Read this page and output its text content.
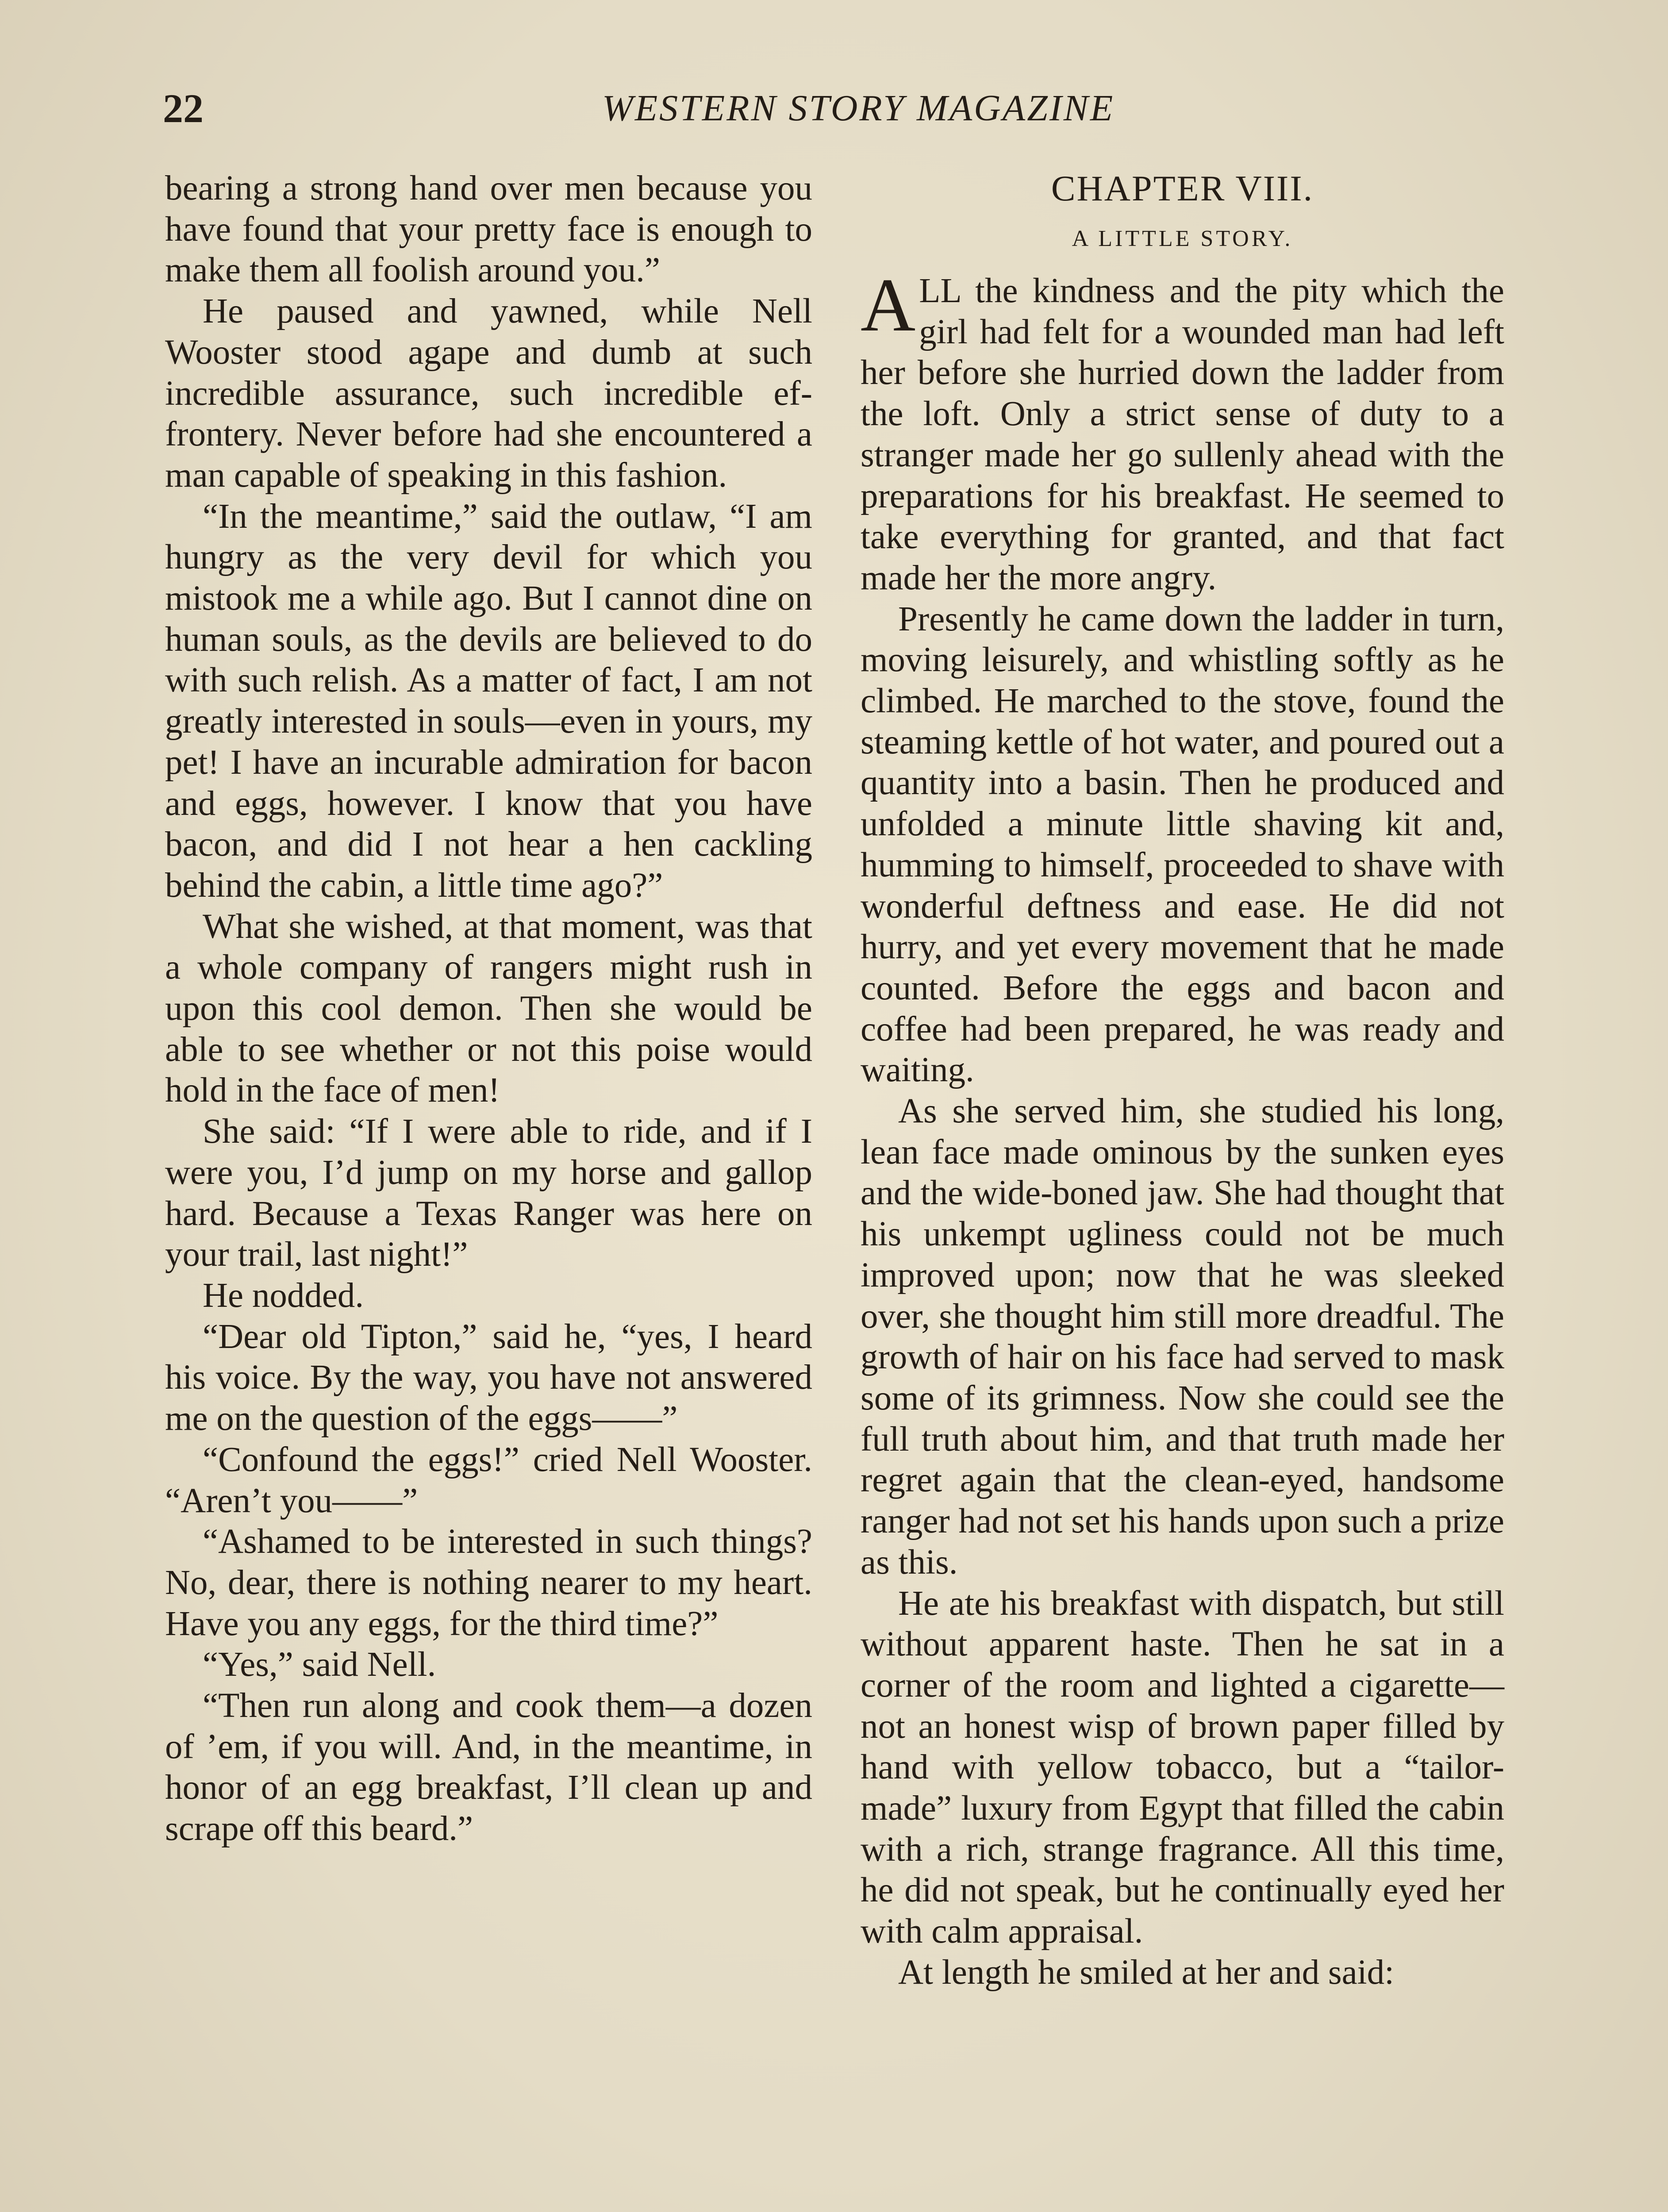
22	WESTERN STORY MAGAZINE

bearing a strong hand over men because you have found that your pretty face is enough to make them all foolish around you.”

He paused and yawned, while Nell Wooster stood agape and dumb at such incredible assurance, such incredible effrontery. Never before had she encountered a man capable of speaking in this fashion.

“In the meantime,” said the outlaw, “I am hungry as the very devil for which you mistook me a while ago. But I cannot dine on human souls, as the devils are believed to do with such relish. As a matter of fact, I am not greatly interested in souls—even in yours, my pet! I have an incurable admiration for bacon and eggs, however. I know that you have bacon, and did I not hear a hen cackling behind the cabin, a little time ago?”

What she wished, at that moment, was that a whole company of rangers might rush in upon this cool demon. Then she would be able to see whether or not this poise would hold in the face of men!

She said: “If I were able to ride, and if I were you, I’d jump on my horse and gallop hard. Because a Texas Ranger was here on your trail, last night!”

He nodded.

“Dear old Tipton,” said he, “yes, I heard his voice. By the way, you have not answered me on the question of the eggs——”

“Confound the eggs!” cried Nell Wooster. “Aren’t you——”

“Ashamed to be interested in such things? No, dear, there is nothing nearer to my heart. Have you any eggs, for the third time?”

“Yes,” said Nell.

“Then run along and cook them—a dozen of ’em, if you will. And, in the meantime, in honor of an egg breakfast, I’ll clean up and scrape off this beard.”

CHAPTER VIII.
A LITTLE STORY.

ALL the kindness and the pity which the girl had felt for a wounded man had left her before she hurried down the ladder from the loft. Only a strict sense of duty to a stranger made her go sullenly ahead with the preparations for his breakfast. He seemed to take everything for granted, and that fact made her the more angry.

Presently he came down the ladder in turn, moving leisurely, and whistling softly as he climbed. He marched to the stove, found the steaming kettle of hot water, and poured out a quantity into a basin. Then he produced and unfolded a minute little shaving kit and, humming to himself, proceeded to shave with wonderful deftness and ease. He did not hurry, and yet every movement that he made counted. Before the eggs and bacon and coffee had been prepared, he was ready and waiting.

As she served him, she studied his long, lean face made ominous by the sunken eyes and the wide-boned jaw. She had thought that his unkempt ugliness could not be much improved upon; now that he was sleeked over, she thought him still more dreadful. The growth of hair on his face had served to mask some of its grimness. Now she could see the full truth about him, and that truth made her regret again that the clean-eyed, handsome ranger had not set his hands upon such a prize as this.

He ate his breakfast with dispatch, but still without apparent haste. Then he sat in a corner of the room and lighted a cigarette—not an honest wisp of brown paper filled by hand with yellow tobacco, but a “tailor-made” luxury from Egypt that filled the cabin with a rich, strange fragrance. All this time, he did not speak, but he continually eyed her with calm appraisal.

At length he smiled at her and said:
